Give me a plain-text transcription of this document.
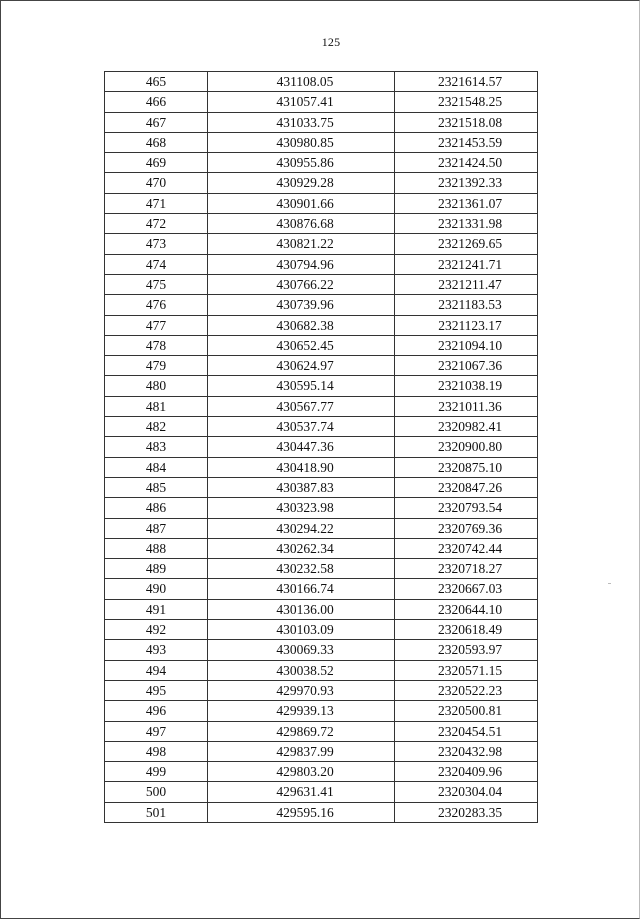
125
465	431108.05	2321614.57
466	431057.41	2321548.25
467	431033.75	2321518.08
468	430980.85	2321453.59
469	430955.86	2321424.50
470	430929.28	2321392.33
471	430901.66	2321361.07
472	430876.68	2321331.98
473	430821.22	2321269.65
474	430794.96	2321241.71
475	430766.22	2321211.47
476	430739.96	2321183.53
477	430682.38	2321123.17
478	430652.45	2321094.10
479	430624.97	2321067.36
480	430595.14	2321038.19
481	430567.77	2321011.36
482	430537.74	2320982.41
483	430447.36	2320900.80
484	430418.90	2320875.10
485	430387.83	2320847.26
486	430323.98	2320793.54
487	430294.22	2320769.36
488	430262.34	2320742.44
489	430232.58	2320718.27
490	430166.74	2320667.03
491	430136.00	2320644.10
492	430103.09	2320618.49
493	430069.33	2320593.97
494	430038.52	2320571.15
495	429970.93	2320522.23
496	429939.13	2320500.81
497	429869.72	2320454.51
498	429837.99	2320432.98
499	429803.20	2320409.96
500	429631.41	2320304.04
501	429595.16	2320283.35
